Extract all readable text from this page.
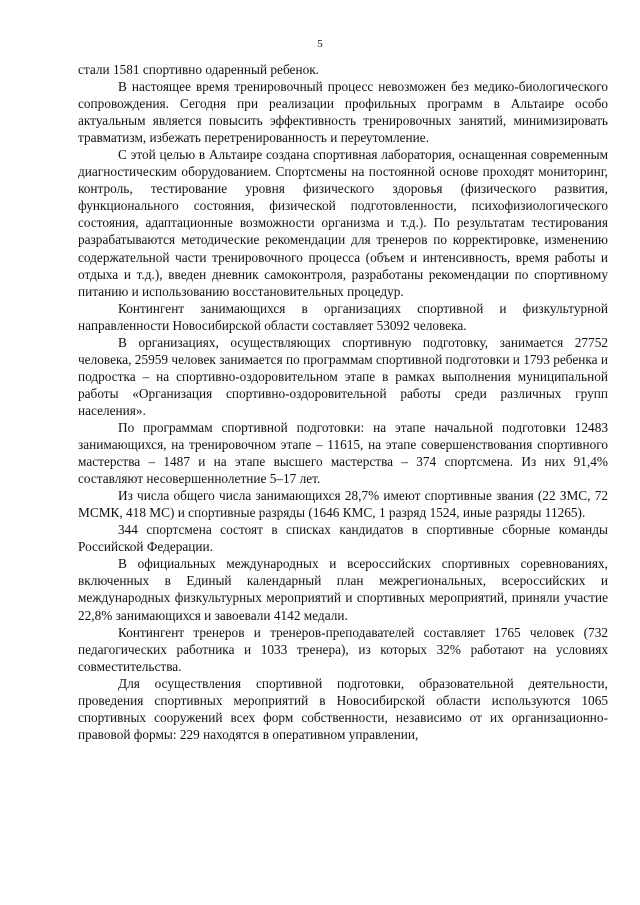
5

стали 1581 спортивно одаренный ребенок.

В настоящее время тренировочный процесс невозможен без медико-биологического сопровождения. Сегодня при реализации профильных программ в Альтаире особо актуальным является повысить эффективность тренировочных занятий, минимизировать травматизм, избежать перетренированность и переутомление.

С этой целью в Альтаире создана спортивная лаборатория, оснащенная современным диагностическим оборудованием. Спортсмены на постоянной основе проходят мониторинг, контроль, тестирование уровня физического здоровья (физического развития, функционального состояния, физической подготовленности, психофизиологического состояния, адаптационные возможности организма и т.д.). По результатам тестирования разрабатываются методические рекомендации для тренеров по корректировке, изменению содержательной части тренировочного процесса (объем и интенсивность, время работы и отдыха и т.д.), введен дневник самоконтроля, разработаны рекомендации по спортивному питанию и использованию восстановительных процедур.

Контингент занимающихся в организациях спортивной и физкультурной направленности Новосибирской области составляет 53092 человека.

В организациях, осуществляющих спортивную подготовку, занимается 27752 человека, 25959 человек занимается по программам спортивной подготовки и 1793 ребенка и подростка – на спортивно-оздоровительном этапе в рамках выполнения муниципальной работы «Организация спортивно-оздоровительной работы среди различных групп населения».

По программам спортивной подготовки: на этапе начальной подготовки 12483 занимающихся, на тренировочном этапе – 11615, на этапе совершенствования спортивного мастерства – 1487 и на этапе высшего мастерства – 374 спортсмена. Из них 91,4% составляют несовершеннолетние 5–17 лет.

Из числа общего числа занимающихся 28,7% имеют спортивные звания (22 ЗМС, 72 МСМК, 418 МС) и спортивные разряды (1646 КМС, 1 разряд 1524, иные разряды 11265).

344 спортсмена состоят в списках кандидатов в спортивные сборные команды Российской Федерации.

В официальных международных и всероссийских спортивных соревнованиях, включенных в Единый календарный план межрегиональных, всероссийских и международных физкультурных мероприятий и спортивных мероприятий, приняли участие 22,8% занимающихся и завоевали 4142 медали.

Контингент тренеров и тренеров-преподавателей составляет 1765 человек (732 педагогических работника и 1033 тренера), из которых 32% работают на условиях совместительства.

Для осуществления спортивной подготовки, образовательной деятельности, проведения спортивных мероприятий в Новосибирской области используются 1065 спортивных сооружений всех форм собственности, независимо от их организационно-правовой формы: 229 находятся в оперативном управлении,
